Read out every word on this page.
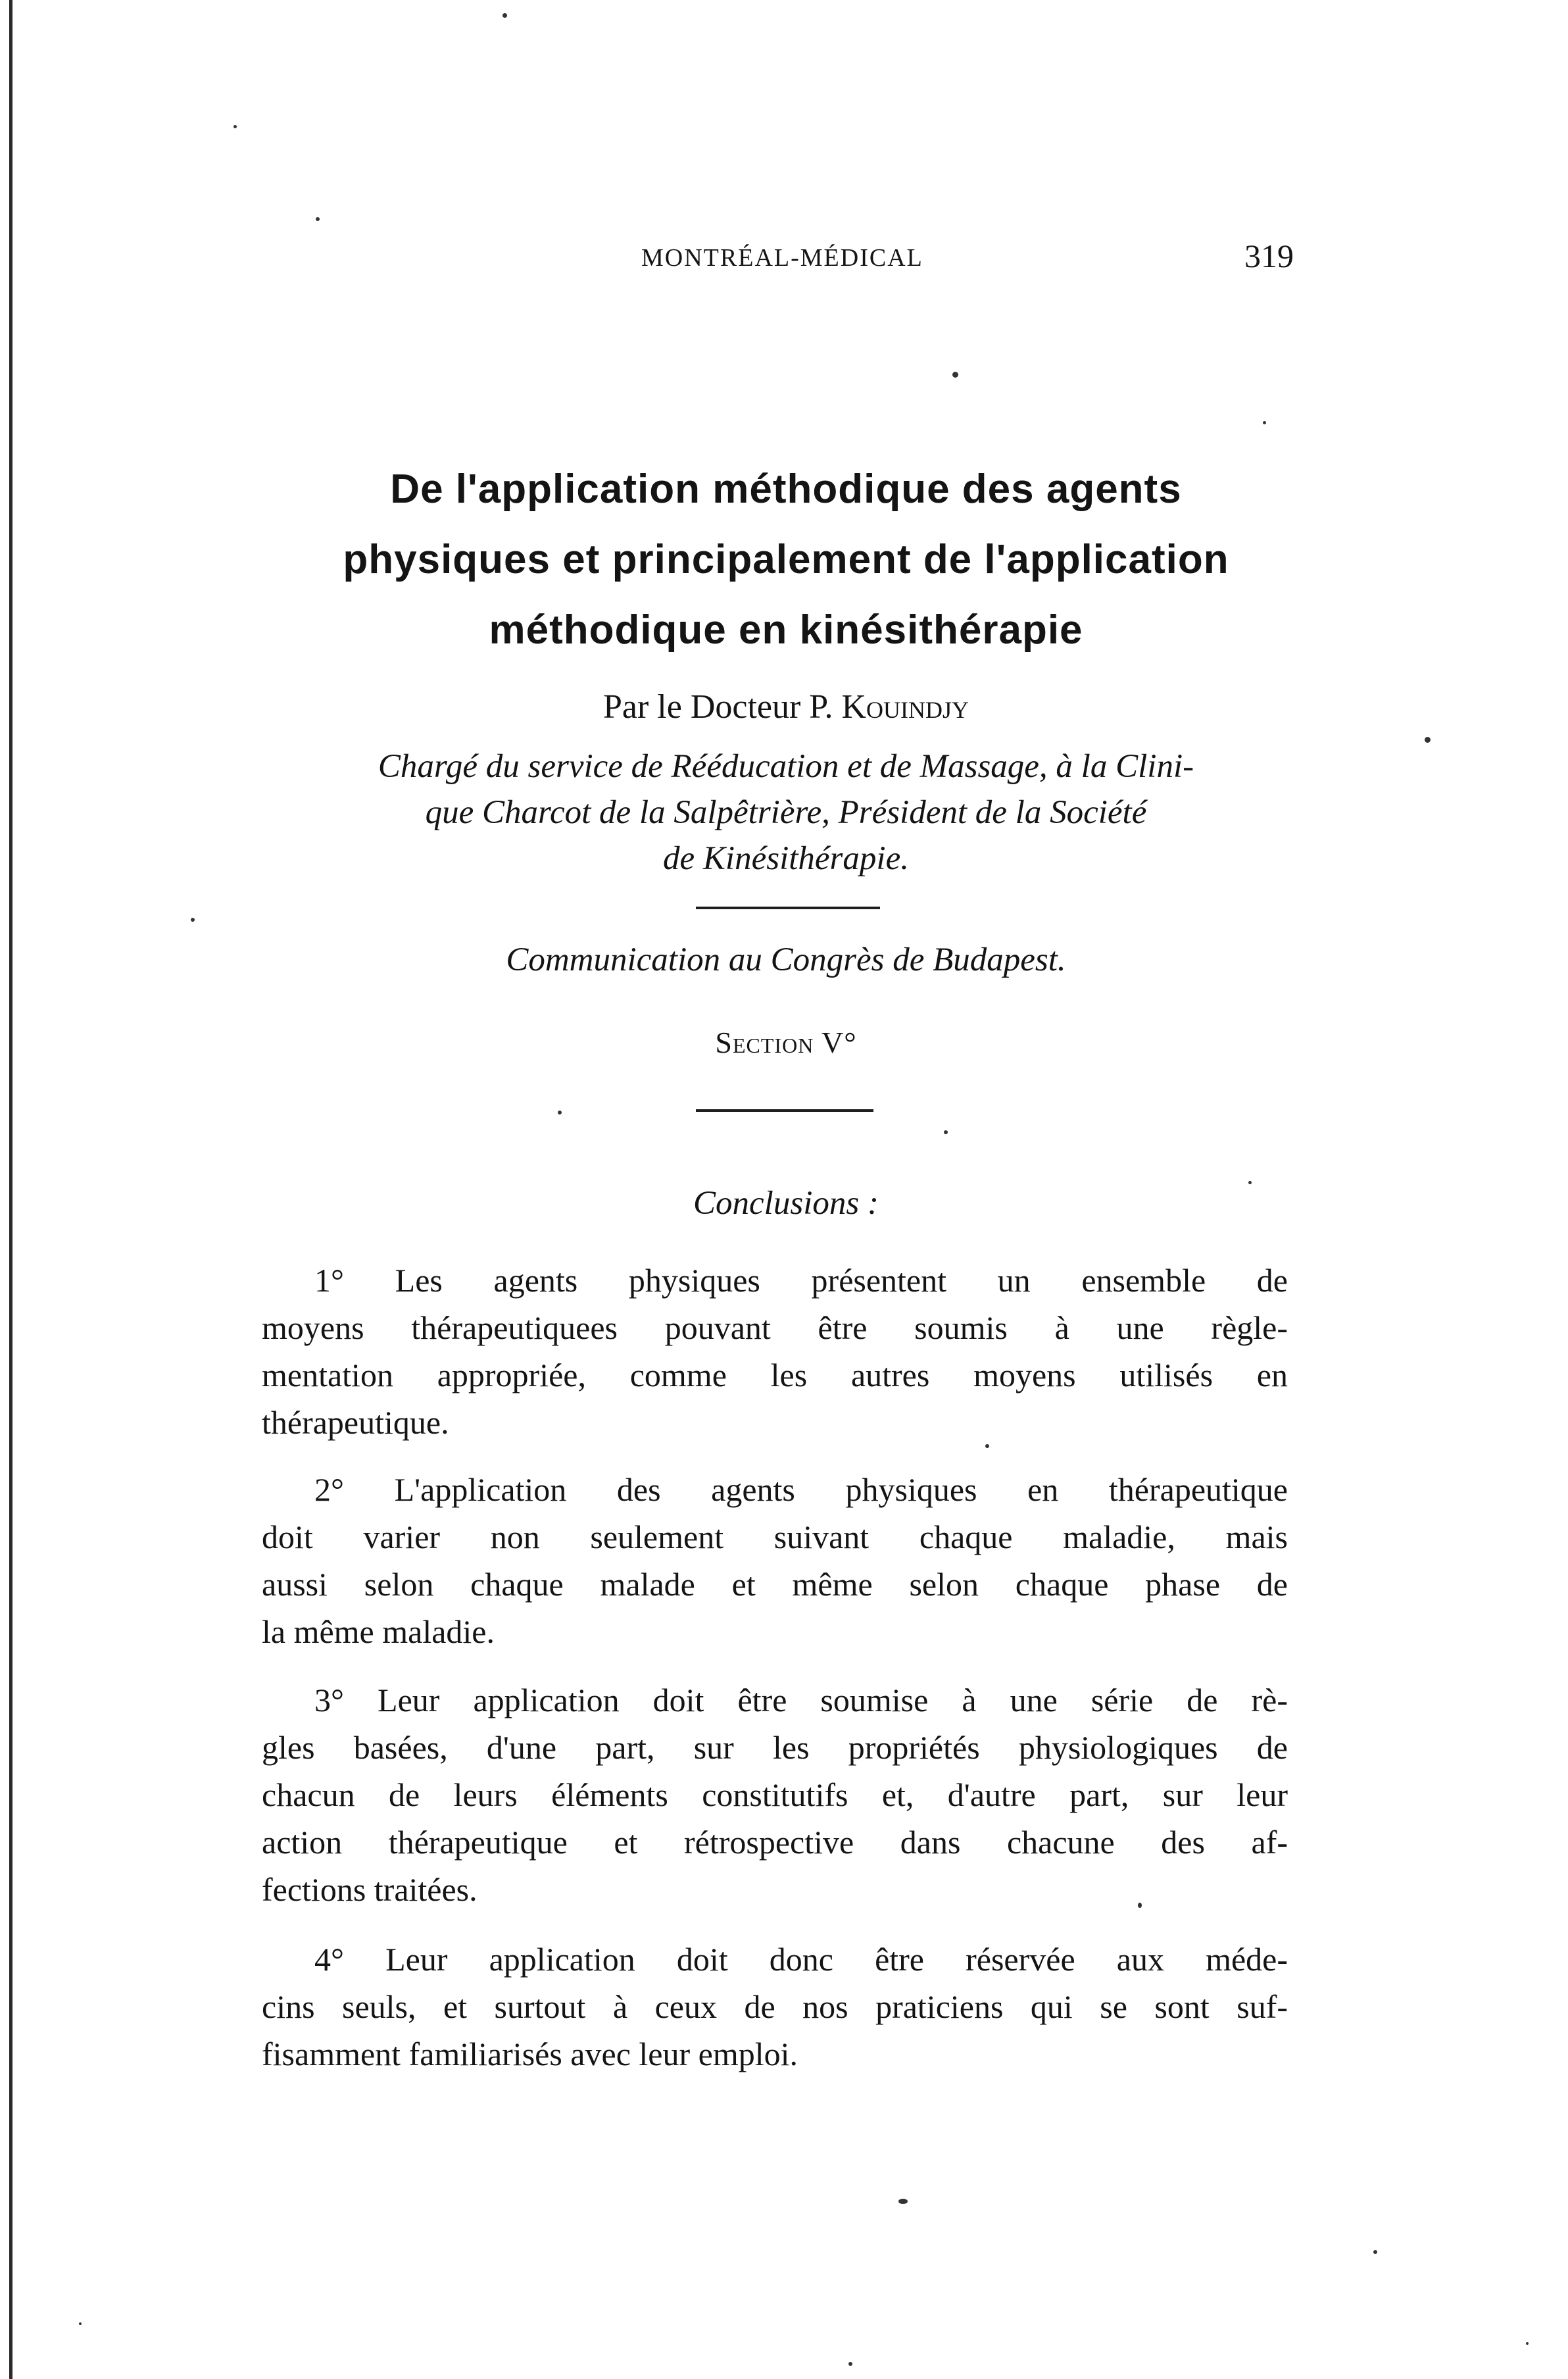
MONTRÉAL-MÉDICAL	319
De l'application méthodique des agents
physiques et principalement de l'application
méthodique en kinésithérapie
Par le Docteur P. Kouindjy
Chargé du service de Rééducation et de Massage, à la Clini-
que Charcot de la Salpêtrière, Président de la Société
de Kinésithérapie.
Communication au Congrès de Budapest.
Section V°
Conclusions :
1° Les agents physiques présentent un ensemble de
moyens thérapeutiquees pouvant être soumis à une règle-
mentation appropriée, comme les autres moyens utilisés en
thérapeutique.
2° L'application des agents physiques en thérapeutique
doit varier non seulement suivant chaque maladie, mais
aussi selon chaque malade et même selon chaque phase de
la même maladie.
3° Leur application doit être soumise à une série de rè-
gles basées, d'une part, sur les propriétés physiologiques de
chacun de leurs éléments constitutifs et, d'autre part, sur leur
action thérapeutique et rétrospective dans chacune des af-
fections traitées.
4° Leur application doit donc être réservée aux méde-
cins seuls, et surtout à ceux de nos praticiens qui se sont suf-
fisamment familiarisés avec leur emploi.
